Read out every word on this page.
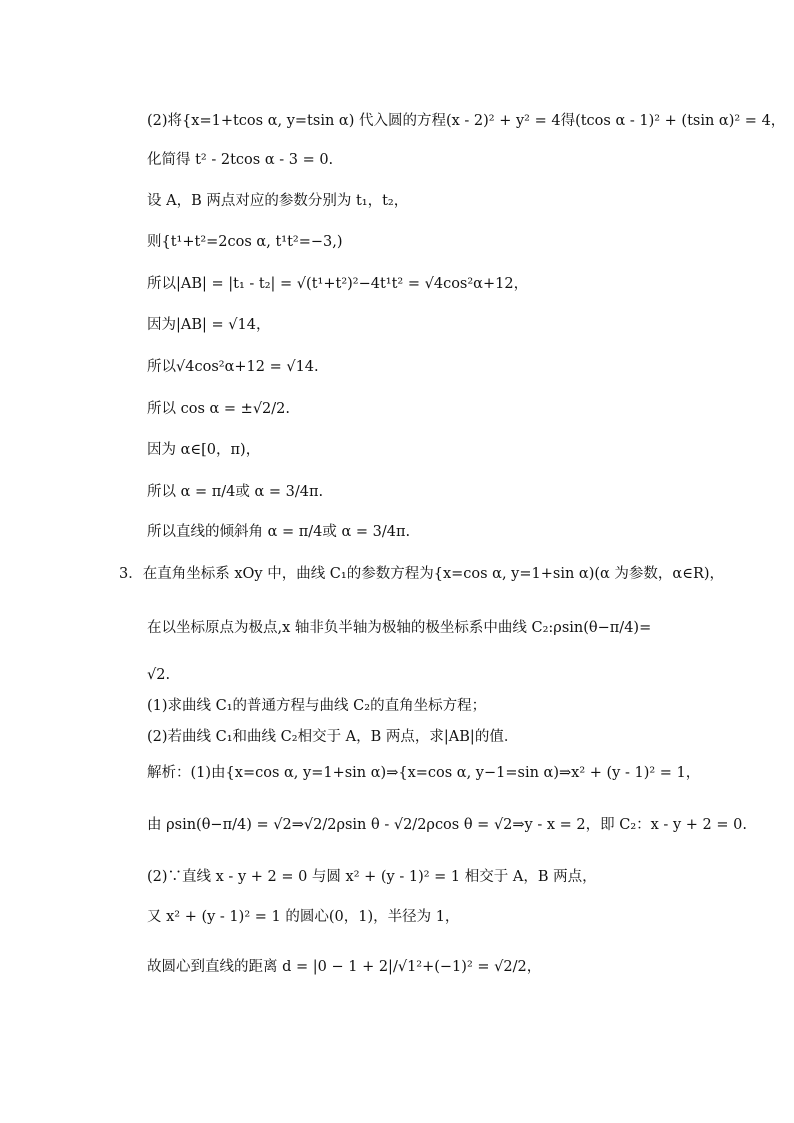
(2)将{x=1+tcos α, y=tsin α) 代入圆的方程(x - 2)² + y² = 4得(tcos α - 1)² + (tsin α)² = 4，
化简得 t² - 2tcos α - 3 = 0.
设 A，B 两点对应的参数分别为 t₁，t₂，
则{t¹+t²=2cos α, t¹t²=−3,)
所以|AB| = |t₁ - t₂| = √(t¹+t²)²−4t¹t² = √4cos²α+12，
因为|AB| = √14，
所以√4cos²α+12 = √14.
所以 cos α = ±√2/2.
因为 α∈[0，π)，
所以 α = π/4或 α = 3/4π.
所以直线的倾斜角 α = π/4或 α = 3/4π.
3．在直角坐标系 xOy 中，曲线 C₁的参数方程为{x=cos α, y=1+sin α)(α 为参数，α∈R)，
在以坐标原点为极点,x 轴非负半轴为极轴的极坐标系中曲线 C₂:ρsin(θ−π/4)=
√2.
(1)求曲线 C₁的普通方程与曲线 C₂的直角坐标方程；
(2)若曲线 C₁和曲线 C₂相交于 A，B 两点，求|AB|的值．
解析：(1)由{x=cos α, y=1+sin α)⇒{x=cos α, y−1=sin α)⇒x² + (y - 1)² = 1，
由 ρsin(θ−π/4) = √2⇒√2/2ρsin θ - √2/2ρcos θ = √2⇒y - x = 2，即 C₂：x - y + 2 = 0.
(2)∵直线 x - y + 2 = 0 与圆 x² + (y - 1)² = 1 相交于 A，B 两点，
又 x² + (y - 1)² = 1 的圆心(0，1)，半径为 1，
故圆心到直线的距离 d = |0 − 1 + 2|/√1²+(−1)² = √2/2，
